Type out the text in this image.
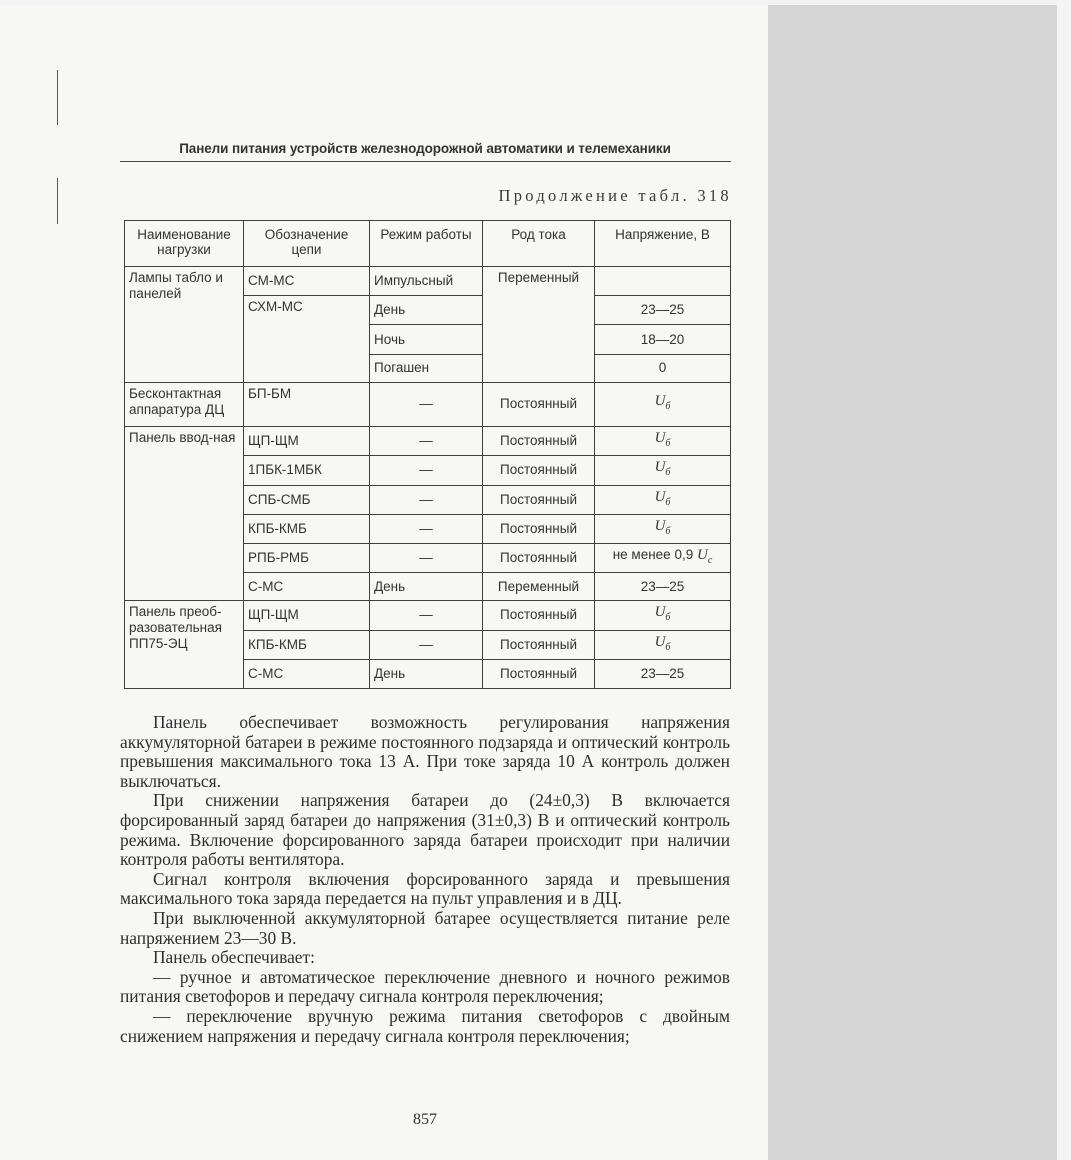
Панели питания устройств железнодорожной автоматики и телемеханики
Продолжение табл. 318
Наименование нагрузки	Обозначение цепи	Режим работы	Род тока	Напряжение, В
Лампы табло и панелей	СМ-МС	Импульсный	Переменный	
	СХМ-МС	День		23—25
		Ночь		18—20
		Погашен		0
Бесконтактная аппаратура ДЦ	БП-БМ	—	Постоянный	$U_б$
Панель ввод-ная	ЩП-ЩМ	—	Постоянный	$U_б$
	1ПБК-1МБК	—	Постоянный	$U_б$
	СПБ-СМБ	—	Постоянный	$U_б$
	КПБ-КМБ	—	Постоянный	$U_б$
	РПБ-РМБ	—	Постоянный	не менее 0,9 $U_с$
	С-МС	День	Переменный	23—25
Панель преоб-разовательная ПП75-ЭЦ	ЩП-ЩМ	—	Постоянный	$U_б$
	КПБ-КМБ	—	Постоянный	$U_б$
	С-МС	День	Постоянный	23—25

Панель обеспечивает возможность регулирования напряжения аккумуляторной батареи в режиме постоянного подзаряда и оптический контроль превышения максимального тока 13 А. При токе заряда 10 А контроль должен выключаться.

При снижении напряжения батареи до (24±0,3) В включается форсированный заряд батареи до напряжения (31±0,3) В и оптический контроль режима. Включение форсированного заряда батареи происходит при наличии контроля работы вентилятора.

Сигнал контроля включения форсированного заряда и превышения максимального тока заряда передается на пульт управления и в ДЦ.

При выключенной аккумуляторной батарее осуществляется питание реле напряжением 23—30 В.

Панель обеспечивает:

— ручное и автоматическое переключение дневного и ночного режимов питания светофоров и передачу сигнала контроля переключения;

— переключение вручную режима питания светофоров с двойным снижением напряжения и передачу сигнала контроля переключения;

857
